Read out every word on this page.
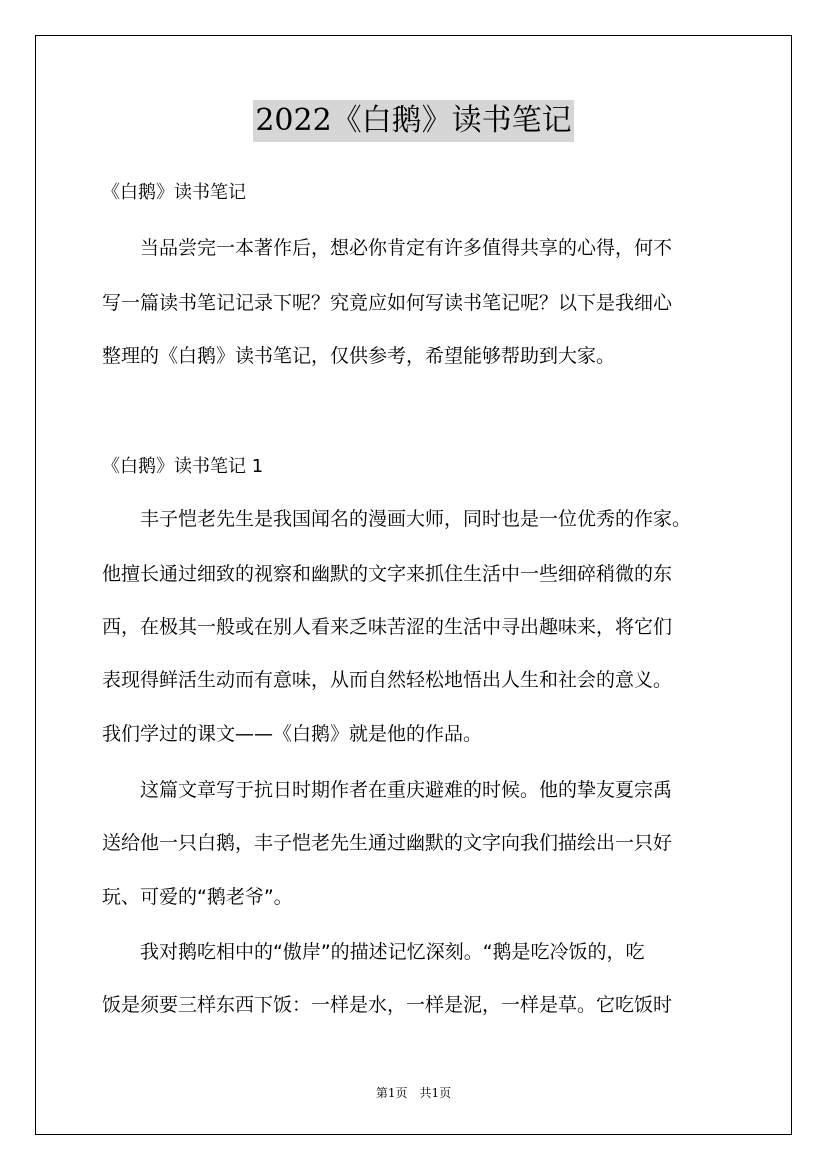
2022《白鹅》读书笔记
《白鹅》读书笔记
　　当品尝完一本著作后，想必你肯定有许多值得共享的心得，何不
写一篇读书笔记记录下呢？究竟应如何写读书笔记呢？以下是我细心
整理的《白鹅》读书笔记，仅供参考，希望能够帮助到大家。
《白鹅》读书笔记 1
　　丰子恺老先生是我国闻名的漫画大师，同时也是一位优秀的作家。
他擅长通过细致的视察和幽默的文字来抓住生活中一些细碎稍微的东
西，在极其一般或在别人看来乏味苦涩的生活中寻出趣味来，将它们
表现得鲜活生动而有意味，从而自然轻松地悟出人生和社会的意义。
我们学过的课文——《白鹅》就是他的作品。
　　这篇文章写于抗日时期作者在重庆避难的时候。他的挚友夏宗禹
送给他一只白鹅，丰子恺老先生通过幽默的文字向我们描绘出一只好
玩、可爱的“鹅老爷”。
　　我对鹅吃相中的“傲岸”的描述记忆深刻。“鹅是吃冷饭的，吃
饭是须要三样东西下饭：一样是水，一样是泥，一样是草。它吃饭时
第1页　共1页
